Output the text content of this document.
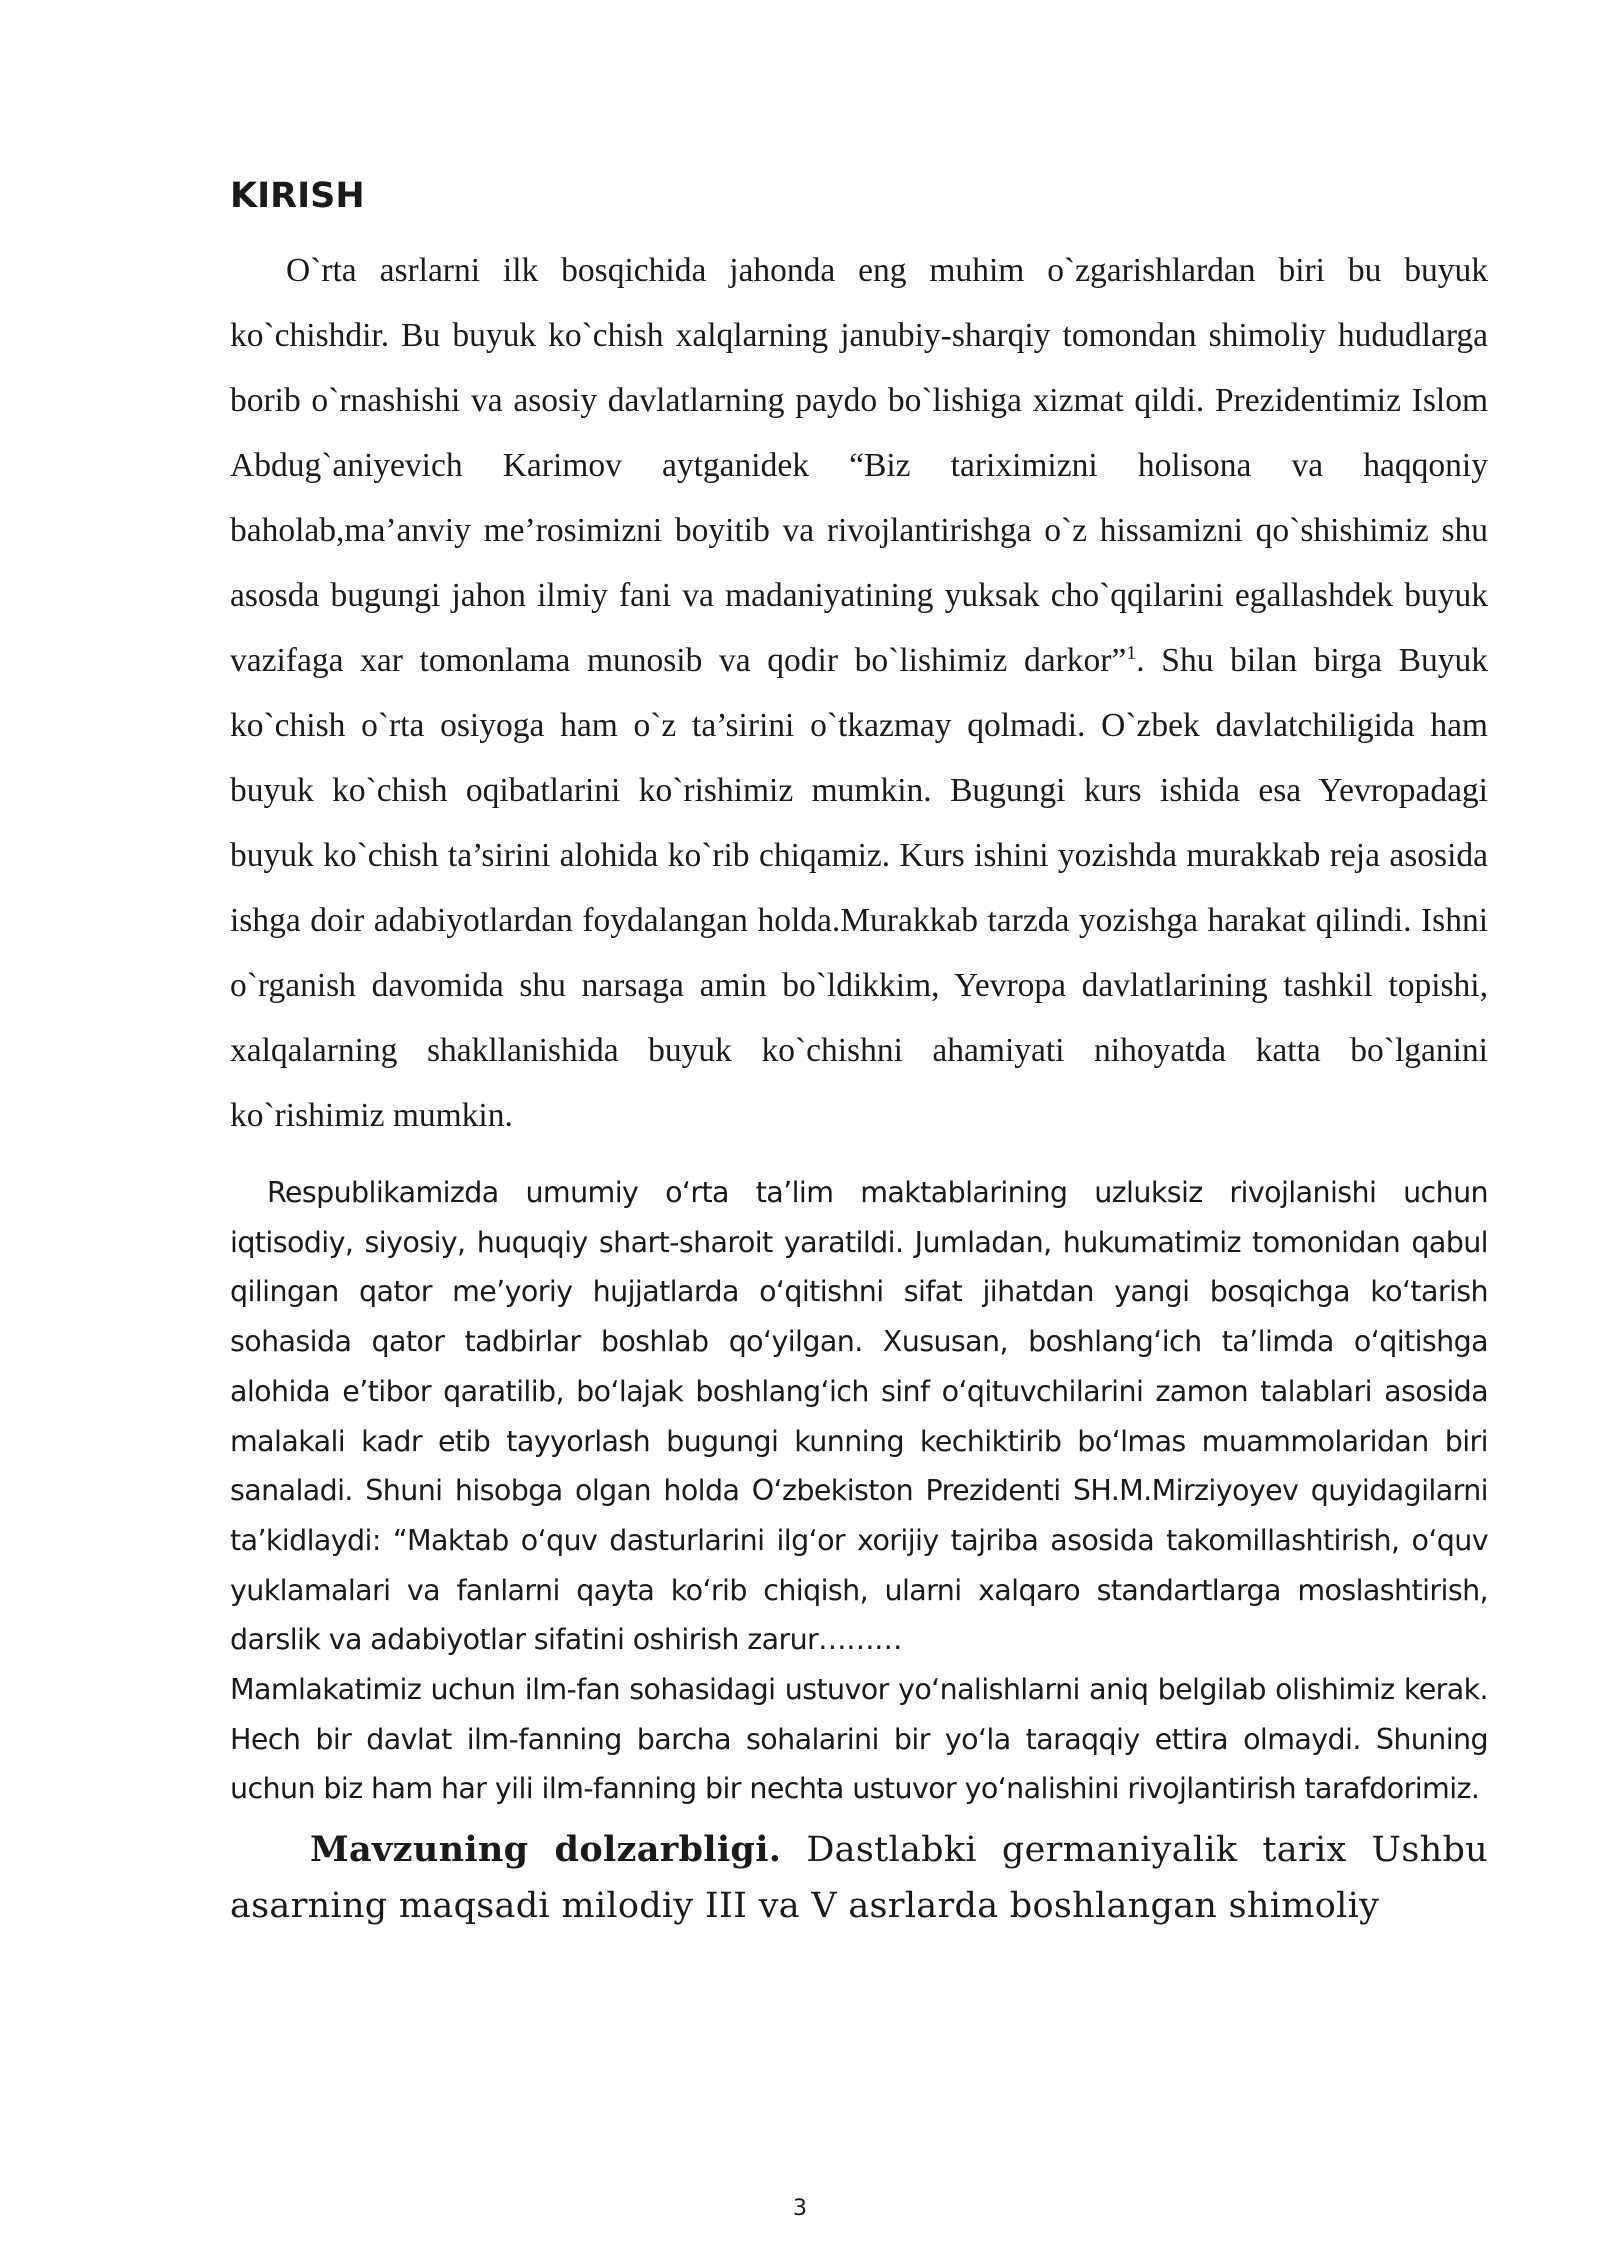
KIRISH

O`rta asrlarni ilk bosqichida jahonda eng muhim o`zgarishlardan biri bu buyuk ko`chishdir. Bu buyuk ko`chish xalqlarning janubiy-sharqiy tomondan shimoliy hududlarga borib o`rnashishi va asosiy davlatlarning paydo bo`lishiga xizmat qildi. Prezidentimiz Islom Abdug`aniyevich Karimov aytganidek “Biz tariximizni holisona va haqqoniy baholab,ma’anviy me’rosimizni boyitib va rivojlantirishga o`z hissamizni qo`shishimiz shu asosda bugungi jahon ilmiy fani va madaniyatining yuksak cho`qqilarini egallashdek buyuk vazifaga xar tomonlama munosib va qodir bo`lishimiz darkor”$^1$. Shu bilan birga Buyuk ko`chish o`rta osiyoga ham o`z ta’sirini o`tkazmay qolmadi. O`zbek davlatchiligida ham buyuk ko`chish oqibatlarini ko`rishimiz mumkin. Bugungi kurs ishida esa Yevropadagi buyuk ko`chish ta’sirini alohida ko`rib chiqamiz. Kurs ishini yozishda murakkab reja asosida ishga doir adabiyotlardan foydalangan holda.Murakkab tarzda yozishga harakat qilindi. Ishni o`rganish davomida shu narsaga amin bo`ldikkim, Yevropa davlatlarining tashkil topishi, xalqalarning shakllanishida buyuk ko`chishni ahamiyati nihoyatda katta bo`lganini ko`rishimiz mumkin.

Respublikamizda umumiy oʻrta taʼlim maktablarining uzluksiz rivojlanishi uchun iqtisodiy, siyosiy, huquqiy shart-sharoit yaratildi. Jumladan, hukumatimiz tomonidan qabul qilingan qator meʼyoriy hujjatlarda oʻqitishni sifat jihatdan yangi bosqichga koʻtarish sohasida qator tadbirlar boshlab qoʻyilgan. Xususan, boshlangʻich taʼlimda oʻqitishga alohida eʼtibor qaratilib, boʻlajak boshlangʻich sinf oʻqituvchilarini zamon talablari asosida malakali kadr etib tayyorlash bugungi kunning kechiktirib boʻlmas muammolaridan biri sanaladi. Shuni hisobga olgan holda Oʻzbekiston Prezidenti SH.M.Mirziyoyev quyidagilarni taʼkidlaydi: “Maktab oʻquv dasturlarini ilgʻor xorijiy tajriba asosida takomillashtirish, oʻquv yuklamalari va fanlarni qayta koʻrib chiqish, ularni xalqaro standartlarga moslashtirish, darslik va adabiyotlar sifatini oshirish zarur………

Mamlakatimiz uchun ilm-fan sohasidagi ustuvor yoʻnalishlarni aniq belgilab olishimiz kerak. Hech bir davlat ilm-fanning barcha sohalarini bir yoʻla taraqqiy ettira olmaydi. Shuning uchun biz ham har yili ilm-fanning bir nechta ustuvor yoʻnalishini rivojlantirish tarafdorimiz.

Mavzuning dolzarbligi. Dastlabki germaniyalik tarix Ushbu asarning maqsadi milodiy III va V asrlarda boshlangan shimoliy

3
